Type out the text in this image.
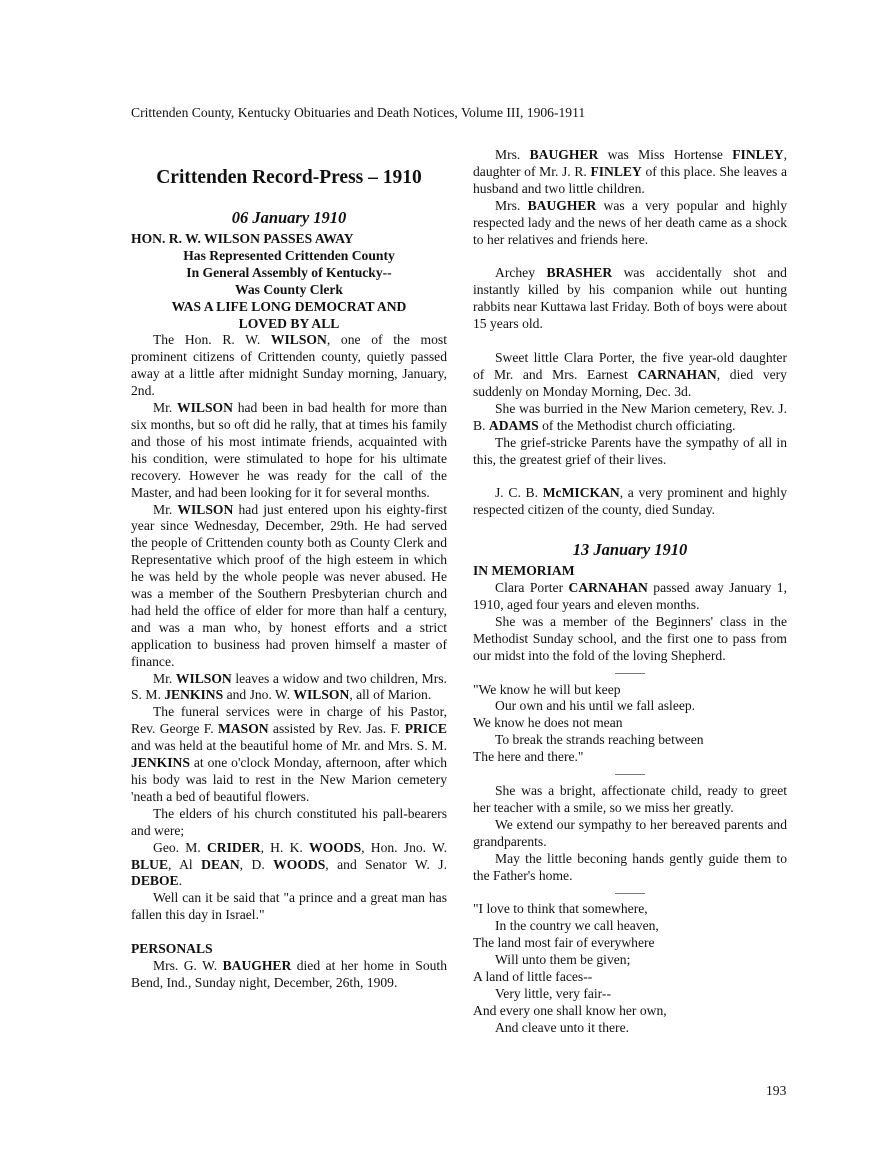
Crittenden County, Kentucky Obituaries and Death Notices, Volume III, 1906-1911
Crittenden Record-Press – 1910
06 January 1910
HON. R. W. WILSON PASSES AWAY
Has Represented Crittenden County
In General Assembly of Kentucky--
Was County Clerk
WAS A LIFE LONG DEMOCRAT AND
LOVED BY ALL

The Hon. R. W. WILSON, one of the most prominent citizens of Crittenden county, quietly passed away at a little after midnight Sunday morning, January, 2nd.

Mr. WILSON had been in bad health for more than six months, but so oft did he rally, that at times his family and those of his most intimate friends, acquainted with his condition, were stimulated to hope for his ultimate recovery. However he was ready for the call of the Master, and had been looking for it for several months.

Mr. WILSON had just entered upon his eighty-first year since Wednesday, December, 29th. He had served the people of Crittenden county both as County Clerk and Representative which proof of the high esteem in which he was held by the whole people was never abused. He was a member of the Southern Presbyterian church and had held the office of elder for more than half a century, and was a man who, by honest efforts and a strict application to business had proven himself a master of finance.

Mr. WILSON leaves a widow and two children, Mrs. S. M. JENKINS and Jno. W. WILSON, all of Marion.

The funeral services were in charge of his Pastor, Rev. George F. MASON assisted by Rev. Jas. F. PRICE and was held at the beautiful home of Mr. and Mrs. S. M. JENKINS at one o'clock Monday, afternoon, after which his body was laid to rest in the New Marion cemetery 'neath a bed of beautiful flowers.

The elders of his church constituted his pall-bearers and were;

Geo. M. CRIDER, H. K. WOODS, Hon. Jno. W. BLUE, Al DEAN, D. WOODS, and Senator W. J. DEBOE.

Well can it be said that "a prince and a great man has fallen this day in Israel."

PERSONALS

Mrs. G. W. BAUGHER died at her home in South Bend, Ind., Sunday night, December, 26th, 1909.

Mrs. BAUGHER was Miss Hortense FINLEY, daughter of Mr. J. R. FINLEY of this place. She leaves a husband and two little children.

Mrs. BAUGHER was a very popular and highly respected lady and the news of her death came as a shock to her relatives and friends here.

Archey BRASHER was accidentally shot and instantly killed by his companion while out hunting rabbits near Kuttawa last Friday. Both of boys were about 15 years old.

Sweet little Clara Porter, the five year-old daughter of Mr. and Mrs. Earnest CARNAHAN, died very suddenly on Monday Morning, Dec. 3d.

She was burried in the New Marion cemetery, Rev. J. B. ADAMS of the Methodist church officiating.

The grief-stricke Parents have the sympathy of all in this, the greatest grief of their lives.

J. C. B. McMICKAN, a very prominent and highly respected citizen of the county, died Sunday.

13 January 1910
IN MEMORIAM

Clara Porter CARNAHAN passed away January 1, 1910, aged four years and eleven months.

She was a member of the Beginners' class in the Methodist Sunday school, and the first one to pass from our midst into the fold of the loving Shepherd.

"We know he will but keep
Our own and his until we fall asleep.
We know he does not mean
To break the strands reaching between
The here and there."

She was a bright, affectionate child, ready to greet her teacher with a smile, so we miss her greatly.

We extend our sympathy to her bereaved parents and grandparents.

May the little beconing hands gently guide them to the Father's home.

"I love to think that somewhere,
In the country we call heaven,
The land most fair of everywhere
Will unto them be given;
A land of little faces--
Very little, very fair--
And every one shall know her own,
And cleave unto it there.
193
